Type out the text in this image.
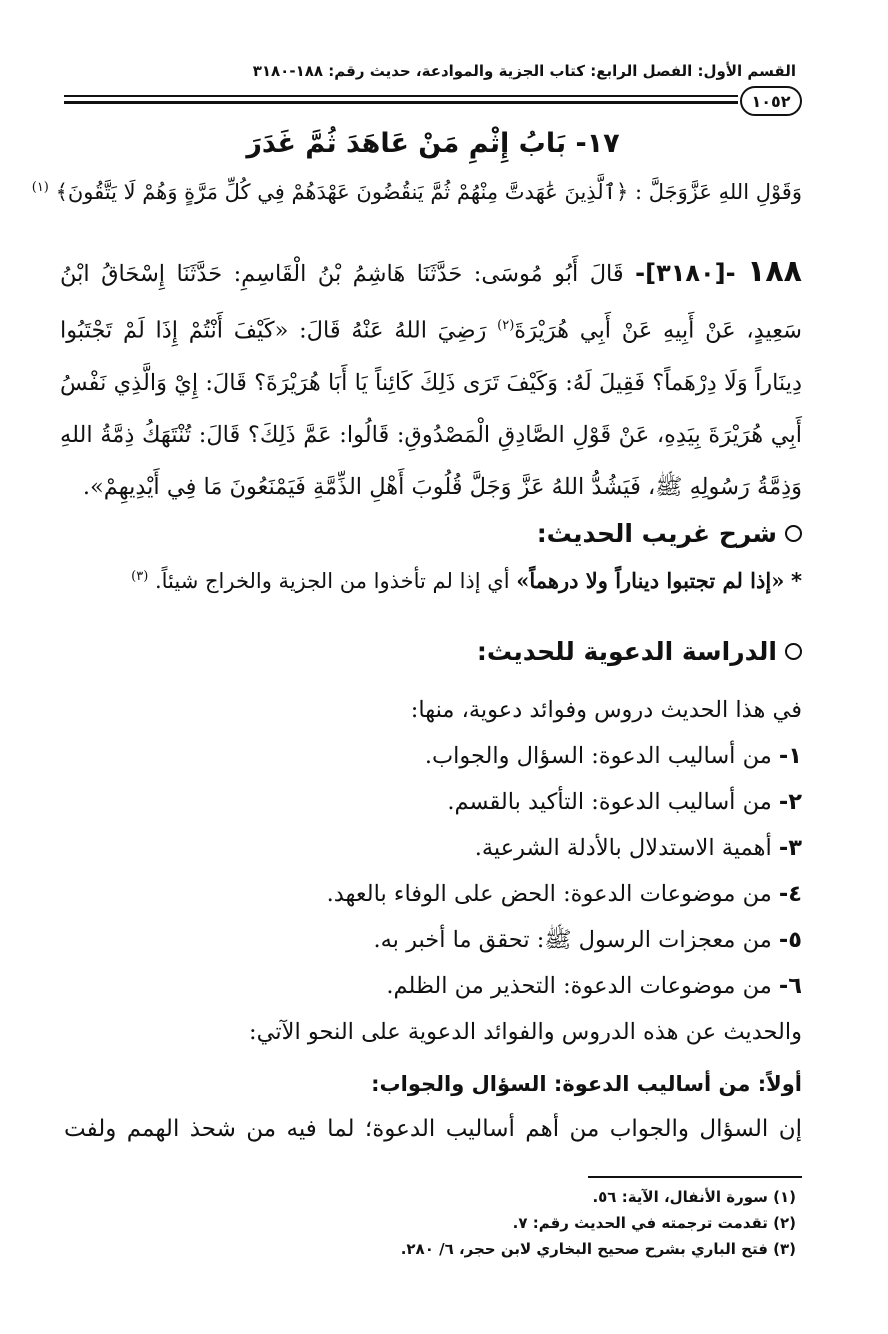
القسم الأول: الفصل الرابع: كتاب الجزية والموادعة، حديث رقم: ١٨٨-٣١٨٠
١٠٥٢
١٧- بَابُ إِثْمِ مَنْ عَاهَدَ ثُمَّ غَدَرَ
وَقَوْلِ اللهِ عَزَّوَجَلَّ : ﴿ٱلَّذِينَ عَٰهَدتَّ مِنْهُمْ ثُمَّ يَنقُضُونَ عَهْدَهُمْ فِي كُلِّ مَرَّةٍ وَهُمْ لَا يَتَّقُونَ﴾ $^{(١)}$
١٨٨ -[٣١٨٠]- قَالَ أَبُو مُوسَى: حَدَّثَنَا هَاشِمُ بْنُ الْقَاسِمِ: حَدَّثَنَا إِسْحَاقُ ابْنُ سَعِيدٍ، عَنْ أَبِيهِ عَنْ أَبِي هُرَيْرَةَ$^{(٢)}$ رَضِيَ اللهُ عَنْهُ قَالَ: «كَيْفَ أَنْتُمْ إِذَا لَمْ تَجْتَبُوا دِينَاراً وَلَا دِرْهَماً؟ فَقِيلَ لَهُ: وَكَيْفَ تَرَى ذَلِكَ كَائِناً يَا أَبَا هُرَيْرَةَ؟ قَالَ: إِيْ وَالَّذِي نَفْسُ أَبِي هُرَيْرَةَ بِيَدِهِ، عَنْ قَوْلِ الصَّادِقِ الْمَصْدُوقِ: قَالُوا: عَمَّ ذَلِكَ؟ قَالَ: تُنْتَهَكُ ذِمَّةُ اللهِ وَذِمَّةُ رَسُولِهِ ﷺ، فَيَشُدُّ اللهُ عَزَّ وَجَلَّ قُلُوبَ أَهْلِ الذِّمَّةِ فَيَمْنَعُونَ مَا فِي أَيْدِيهِمْ».
شرح غريب الحديث:
* «إذا لم تجتبوا ديناراً ولا درهماً» أي إذا لم تأخذوا من الجزية والخراج شيئاً. $^{(٣)}$
الدراسة الدعوية للحديث:
في هذا الحديث دروس وفوائد دعوية، منها:
١- من أساليب الدعوة: السؤال والجواب.
٢- من أساليب الدعوة: التأكيد بالقسم.
٣- أهمية الاستدلال بالأدلة الشرعية.
٤- من موضوعات الدعوة: الحض على الوفاء بالعهد.
٥- من معجزات الرسول ﷺ: تحقق ما أخبر به.
٦- من موضوعات الدعوة: التحذير من الظلم.
والحديث عن هذه الدروس والفوائد الدعوية على النحو الآتي:
أولاً: من أساليب الدعوة: السؤال والجواب:
إن السؤال والجواب من أهم أساليب الدعوة؛ لما فيه من شحذ الهمم ولفت
(١) سورة الأنفال، الآية: ٥٦.
(٢) تقدمت ترجمته في الحديث رقم: ٧.
(٣) فتح الباري بشرح صحيح البخاري لابن حجر، ٦/ ٢٨٠.
